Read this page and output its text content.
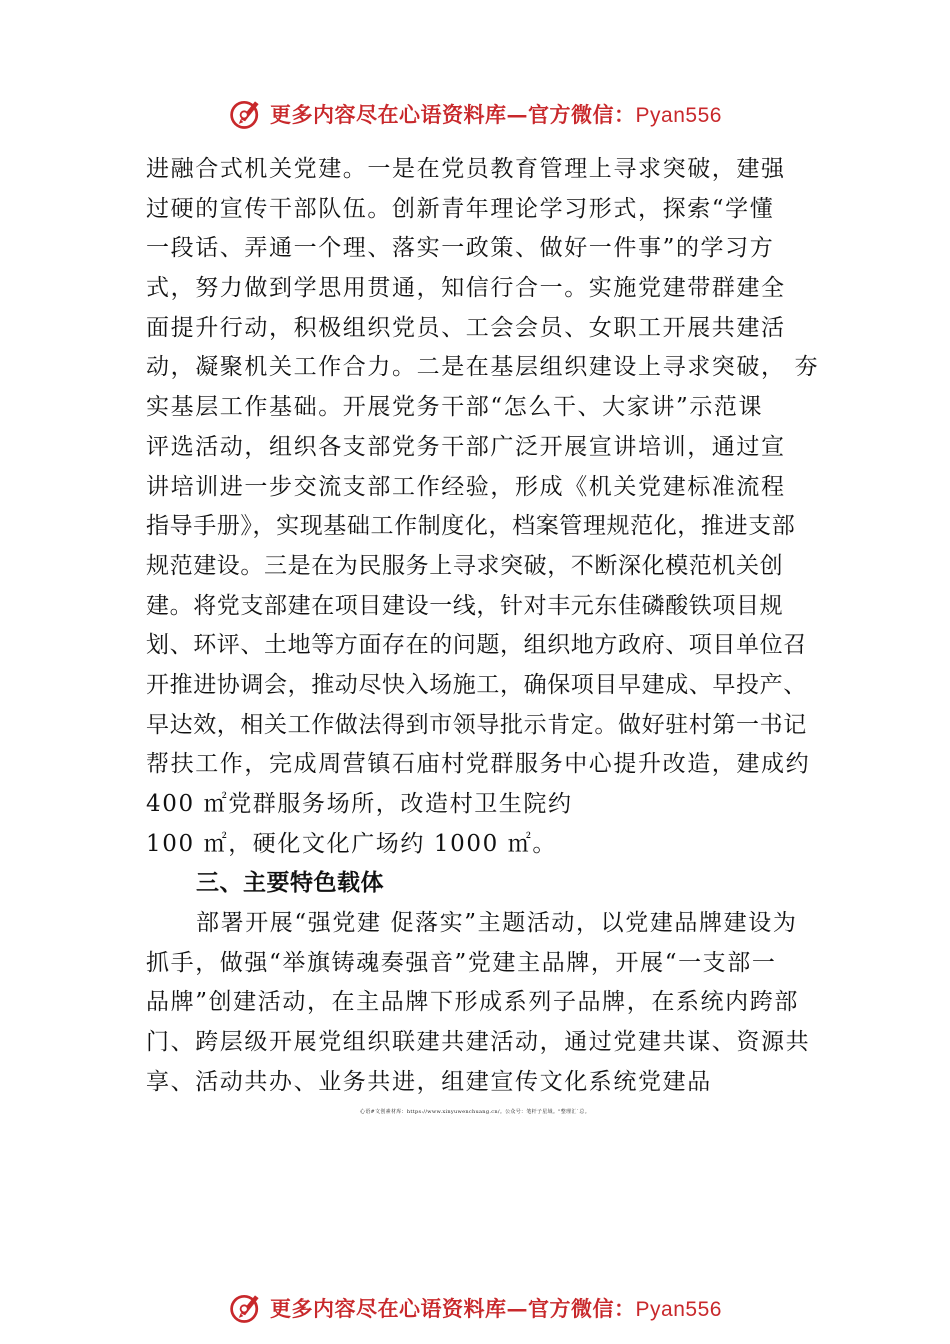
更多内容尽在心语资料库—官方微信：Pyan556
进融合式机关党建。一是在党员教育管理上寻求突破，建强
过硬的宣传干部队伍。创新青年理论学习形式，探索“学懂
一段话、弄通一个理、落实一政策、做好一件事”的学习方
式，努力做到学思用贯通，知信行合一。实施党建带群建全
面提升行动，积极组织党员、工会会员、女职工开展共建活
动，凝聚机关工作合力。二是在基层组织建设上寻求突破， 夯
实基层工作基础。开展党务干部“怎么干、大家讲”示范课
评选活动，组织各支部党务干部广泛开展宣讲培训，通过宣
讲培训进一步交流支部工作经验，形成《机关党建标准流程
指导手册》，实现基础工作制度化，档案管理规范化，推进支部
规范建设。三是在为民服务上寻求突破，不断深化模范机关创
建。将党支部建在项目建设一线，针对丰元东佳磷酸铁项目规
划、环评、土地等方面存在的问题，组织地方政府、项目单位召
开推进协调会，推动尽快入场施工，确保项目早建成、早投产、
早达效，相关工作做法得到市领导批示肯定。做好驻村第一书记
帮扶工作，完成周营镇石庙村党群服务中心提升改造，建成约
400 ㎡党群服务场所，改造村卫生院约
100 ㎡，硬化文化广场约 1000 ㎡。
三、主要特色载体
部署开展“强党建 促落实”主题活动，以党建品牌建设为
抓手，做强“举旗铸魂奏强音”党建主品牌，开展“一支部一
品牌”创建活动，在主品牌下形成系列子品牌，在系统内跨部
门、跨层级开展党组织联建共建活动，通过党建共谋、资源共
享、活动共办、业务共进，组建宣传文化系统党建品
心语#文创素材库：https://www.xinyuwenchuang.cn/。公众号：笔杆子星域。"整理汇`总。
更多内容尽在心语资料库—官方微信：Pyan556
